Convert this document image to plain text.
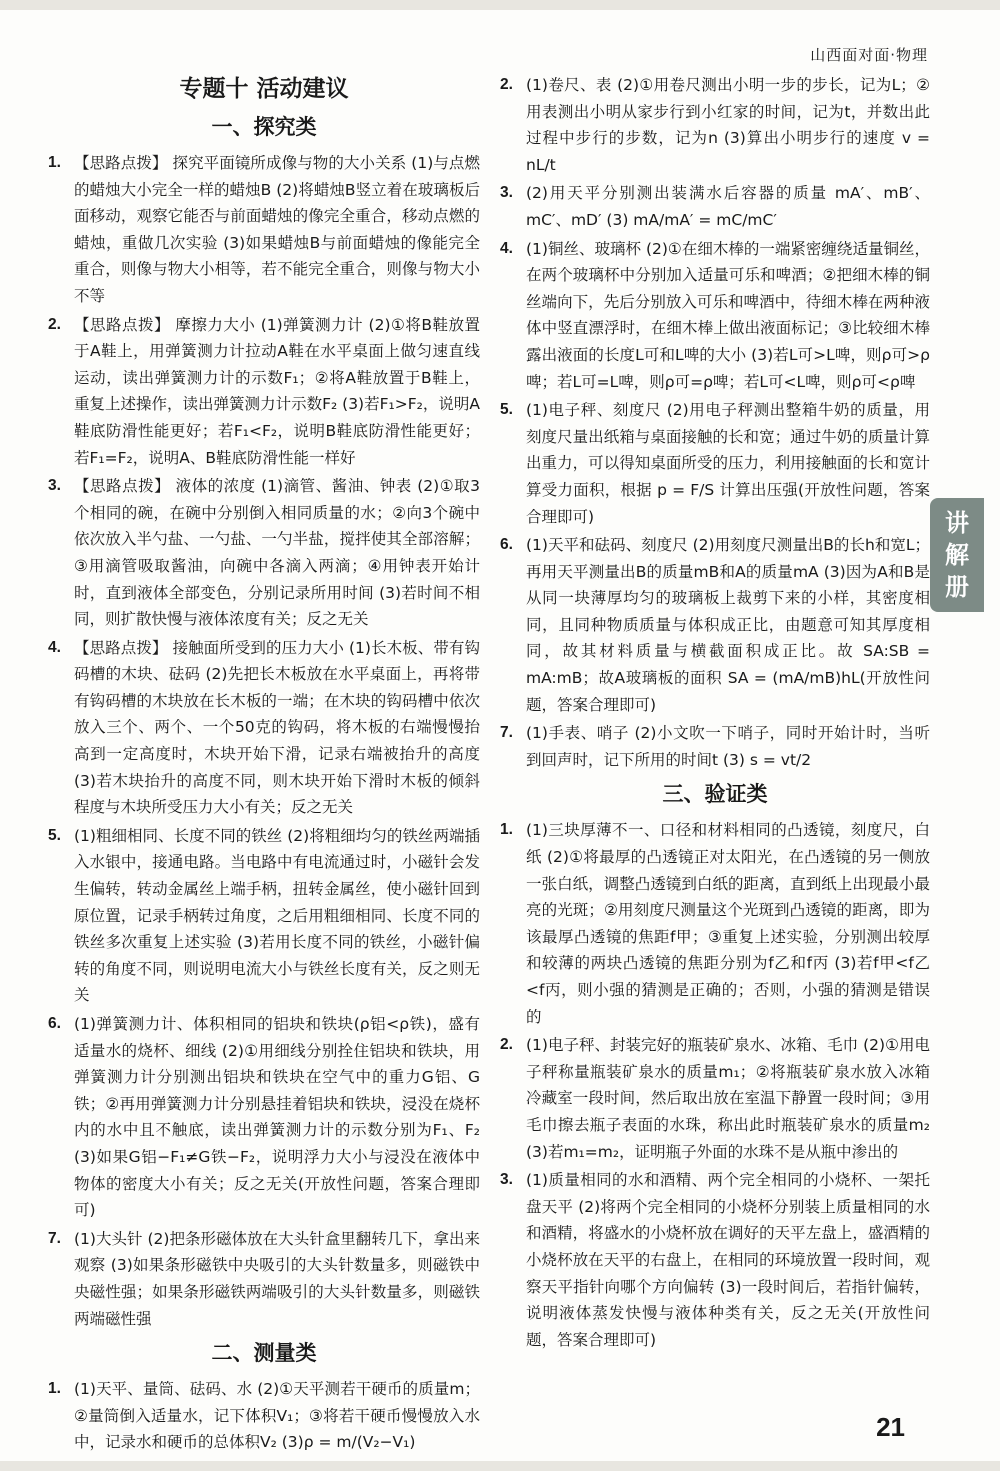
山西面对面·物理
专题十 活动建议
一、探究类
1. 【思路点拨】 探究平面镜所成像与物的大小关系 (1)与点燃的蜡烛大小完全一样的蜡烛B (2)将蜡烛B竖立着在玻璃板后面移动，观察它能否与前面蜡烛的像完全重合，移动点燃的蜡烛，重做几次实验 (3)如果蜡烛B与前面蜡烛的像能完全重合，则像与物大小相等，若不能完全重合，则像与物大小不等
2. 【思路点拨】 摩擦力大小 (1)弹簧测力计 (2)①将B鞋放置于A鞋上，用弹簧测力计拉动A鞋在水平桌面上做匀速直线运动，读出弹簧测力计的示数F₁；②将A鞋放置于B鞋上，重复上述操作，读出弹簧测力计示数F₂ (3)若F₁>F₂，说明A鞋底防滑性能更好；若F₁<F₂，说明B鞋底防滑性能更好；若F₁=F₂，说明A、B鞋底防滑性能一样好
3. 【思路点拨】 液体的浓度 (1)滴管、酱油、钟表 (2)①取3个相同的碗，在碗中分别倒入相同质量的水；②向3个碗中依次放入半勺盐、一勺盐、一勺半盐，搅拌使其全部溶解；③用滴管吸取酱油，向碗中各滴入两滴；④用钟表开始计时，直到液体全部变色，分别记录所用时间 (3)若时间不相同，则扩散快慢与液体浓度有关；反之无关
4. 【思路点拨】 接触面所受到的压力大小 (1)长木板、带有钩码槽的木块、砝码 (2)先把长木板放在水平桌面上，再将带有钩码槽的木块放在长木板的一端；在木块的钩码槽中依次放入三个、两个、一个50克的钩码，将木板的右端慢慢抬高到一定高度时，木块开始下滑，记录右端被抬升的高度 (3)若木块抬升的高度不同，则木块开始下滑时木板的倾斜程度与木块所受压力大小有关；反之无关
5. (1)粗细相同、长度不同的铁丝 (2)将粗细均匀的铁丝两端插入水银中，接通电路。当电路中有电流通过时，小磁针会发生偏转，转动金属丝上端手柄，扭转金属丝，使小磁针回到原位置，记录手柄转过角度，之后用粗细相同、长度不同的铁丝多次重复上述实验 (3)若用长度不同的铁丝，小磁针偏转的角度不同，则说明电流大小与铁丝长度有关，反之则无关
6. (1)弹簧测力计、体积相同的铝块和铁块(ρ铝<ρ铁)，盛有适量水的烧杯、细线 (2)①用细线分别拴住铝块和铁块，用弹簧测力计分别测出铝块和铁块在空气中的重力G铝、G铁；②再用弹簧测力计分别悬挂着铝块和铁块，浸没在烧杯内的水中且不触底，读出弹簧测力计的示数分别为F₁、F₂ (3)如果G铝−F₁≠G铁−F₂，说明浮力大小与浸没在液体中物体的密度大小有关；反之无关(开放性问题，答案合理即可)
7. (1)大头针 (2)把条形磁体放在大头针盒里翻转几下，拿出来观察 (3)如果条形磁铁中央吸引的大头针数量多，则磁铁中央磁性强；如果条形磁铁两端吸引的大头针数量多，则磁铁两端磁性强
二、测量类
1. (1)天平、量筒、砝码、水 (2)①天平测若干硬币的质量m；②量筒倒入适量水，记下体积V₁；③将若干硬币慢慢放入水中，记录水和硬币的总体积V₂ (3)ρ = m/(V₂−V₁)
2. (1)卷尺、表 (2)①用卷尺测出小明一步的步长，记为L；②用表测出小明从家步行到小红家的时间，记为t，并数出此过程中步行的步数，记为n (3)算出小明步行的速度 v = nL/t
3. (2)用天平分别测出装满水后容器的质量 mA′、mB′、mC′、mD′ (3) mA/mA′ = mC/mC′
4. (1)铜丝、玻璃杯 (2)①在细木棒的一端紧密缠绕适量铜丝，在两个玻璃杯中分别加入适量可乐和啤酒；②把细木棒的铜丝端向下，先后分别放入可乐和啤酒中，待细木棒在两种液体中竖直漂浮时，在细木棒上做出液面标记；③比较细木棒露出液面的长度L可和L啤的大小 (3)若L可>L啤，则ρ可>ρ啤；若L可=L啤，则ρ可=ρ啤；若L可<L啤，则ρ可<ρ啤
5. (1)电子秤、刻度尺 (2)用电子秤测出整箱牛奶的质量，用刻度尺量出纸箱与桌面接触的长和宽；通过牛奶的质量计算出重力，可以得知桌面所受的压力，利用接触面的长和宽计算受力面积，根据 p = F/S 计算出压强(开放性问题，答案合理即可)
6. (1)天平和砝码、刻度尺 (2)用刻度尺测量出B的长h和宽L；再用天平测量出B的质量mB和A的质量mA (3)因为A和B是从同一块薄厚均匀的玻璃板上裁剪下来的小样，其密度相同，且同种物质质量与体积成正比，由题意可知其厚度相同，故其材料质量与横截面积成正比。故 SA:SB = mA:mB；故A玻璃板的面积 SA = (mA/mB)hL(开放性问题，答案合理即可)
7. (1)手表、哨子 (2)小文吹一下哨子，同时开始计时，当听到回声时，记下所用的时间t (3) s = vt/2
三、验证类
1. (1)三块厚薄不一、口径和材料相同的凸透镜，刻度尺，白纸 (2)①将最厚的凸透镜正对太阳光，在凸透镜的另一侧放一张白纸，调整凸透镜到白纸的距离，直到纸上出现最小最亮的光斑；②用刻度尺测量这个光斑到凸透镜的距离，即为该最厚凸透镜的焦距f甲；③重复上述实验，分别测出较厚和较薄的两块凸透镜的焦距分别为f乙和f丙 (3)若f甲<f乙<f丙，则小强的猜测是正确的；否则，小强的猜测是错误的
2. (1)电子秤、封装完好的瓶装矿泉水、冰箱、毛巾 (2)①用电子秤称量瓶装矿泉水的质量m₁；②将瓶装矿泉水放入冰箱冷藏室一段时间，然后取出放在室温下静置一段时间；③用毛巾擦去瓶子表面的水珠，称出此时瓶装矿泉水的质量m₂ (3)若m₁=m₂，证明瓶子外面的水珠不是从瓶中渗出的
3. (1)质量相同的水和酒精、两个完全相同的小烧杯、一架托盘天平 (2)将两个完全相同的小烧杯分别装上质量相同的水和酒精，将盛水的小烧杯放在调好的天平左盘上，盛酒精的小烧杯放在天平的右盘上，在相同的环境放置一段时间，观察天平指针向哪个方向偏转 (3)一段时间后，若指针偏转，说明液体蒸发快慢与液体种类有关，反之无关(开放性问题，答案合理即可)
讲
解
册
21
